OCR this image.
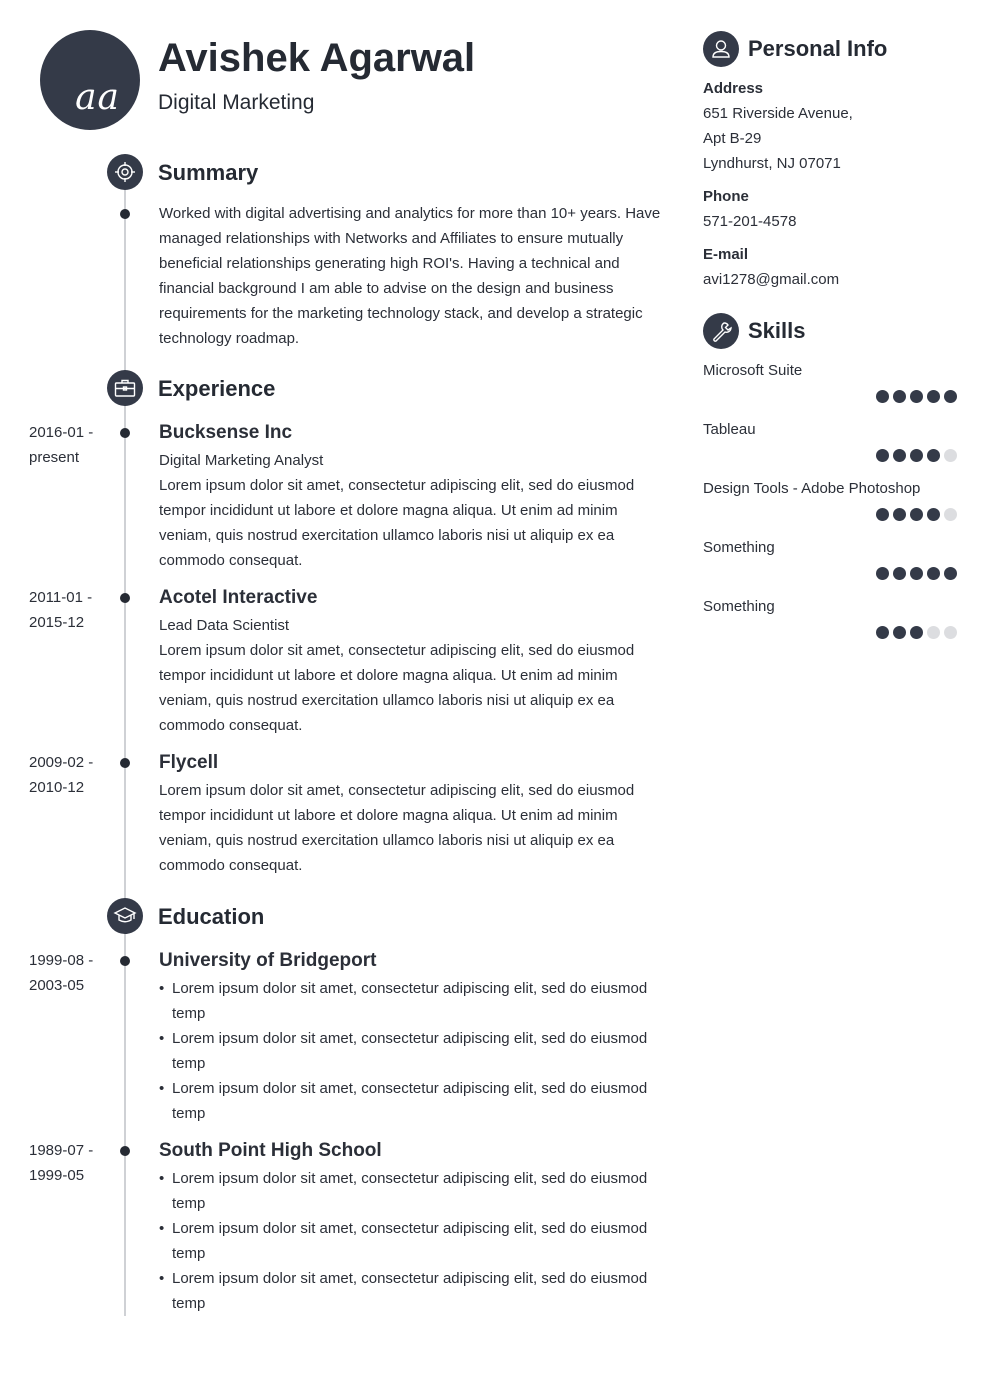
aa
Avishek Agarwal
Digital Marketing
Summary
Worked with digital advertising and analytics for more than 10+ years. Have managed relationships with Networks and Affiliates to ensure mutually beneficial relationships generating high ROI's. Having a technical and financial background I am able to advise on the design and business requirements for the marketing technology stack, and develop a strategic technology roadmap.
Experience
2016-01 -
present
Bucksense Inc
Digital Marketing Analyst
Lorem ipsum dolor sit amet, consectetur adipiscing elit, sed do eiusmod tempor incididunt ut labore et dolore magna aliqua. Ut enim ad minim veniam, quis nostrud exercitation ullamco laboris nisi ut aliquip ex ea commodo consequat.
2011-01 -
2015-12
Acotel Interactive
Lead Data Scientist
Lorem ipsum dolor sit amet, consectetur adipiscing elit, sed do eiusmod tempor incididunt ut labore et dolore magna aliqua. Ut enim ad minim veniam, quis nostrud exercitation ullamco laboris nisi ut aliquip ex ea commodo consequat.
2009-02 -
2010-12
Flycell
Lorem ipsum dolor sit amet, consectetur adipiscing elit, sed do eiusmod tempor incididunt ut labore et dolore magna aliqua. Ut enim ad minim veniam, quis nostrud exercitation ullamco laboris nisi ut aliquip ex ea commodo consequat.
Education
1999-08 -
2003-05
University of Bridgeport
• Lorem ipsum dolor sit amet, consectetur adipiscing elit, sed do eiusmod temp
• Lorem ipsum dolor sit amet, consectetur adipiscing elit, sed do eiusmod temp
• Lorem ipsum dolor sit amet, consectetur adipiscing elit, sed do eiusmod temp
1989-07 -
1999-05
South Point High School
• Lorem ipsum dolor sit amet, consectetur adipiscing elit, sed do eiusmod temp
• Lorem ipsum dolor sit amet, consectetur adipiscing elit, sed do eiusmod temp
• Lorem ipsum dolor sit amet, consectetur adipiscing elit, sed do eiusmod temp
Personal Info
Address
651 Riverside Avenue,
Apt B-29
Lyndhurst, NJ 07071
Phone
571-201-4578
E-mail
avi1278@gmail.com
Skills
Microsoft Suite
Tableau
Design Tools - Adobe Photoshop
Something
Something
